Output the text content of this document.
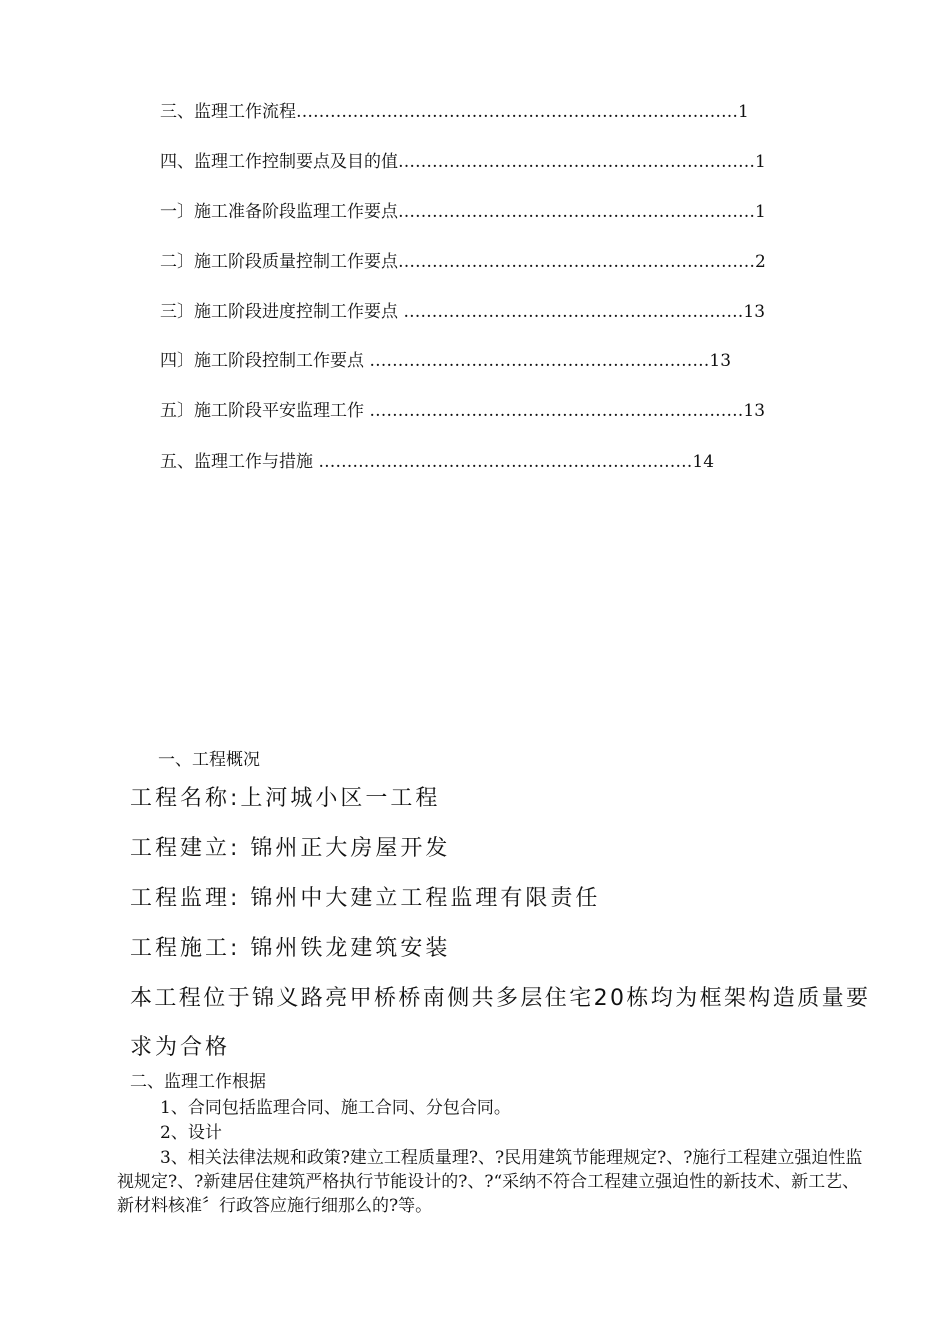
三、监理工作流程……………………………………………………………………1
四、监理工作控制要点及目的值………………………………………………………1
一〕施工准备阶段监理工作要点………………………………………………………1
二〕施工阶段质量控制工作要点………………………………………………………2
三〕施工阶段进度控制工作要点 ……………………………………………………13
四〕施工阶段控制工作要点 ……………………………………………………13
五〕施工阶段平安监理工作 …………………………………………………………13
五、监理工作与措施 …………………………………………………………14
一、工程概况
工程名称:上河城小区一工程
工程建立: 锦州正大房屋开发
工程监理: 锦州中大建立工程监理有限责任
工程施工: 锦州铁龙建筑安装
本工程位于锦义路亮甲桥桥南侧共多层住宅20栋均为框架构造质量要
求为合格
二、监理工作根据
1、合同包括监理合同、施工合同、分包合同。
2、设计
3、相关法律法规和政策?建立工程质量理?、?民用建筑节能理规定?、?施行工程建立强迫性监视规定?、?新建居住建筑严格执行节能设计的?、?“采纳不符合工程建立强迫性的新技术、新工艺、新材料核准〞行政答应施行细那么的?等。
